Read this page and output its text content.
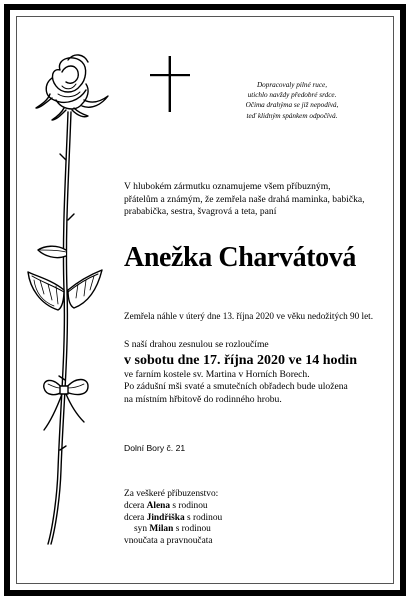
Dopracovaly pilné ruce,
utichlo navždy předobré srdce.
Očima drahýma se již nepodívá,
teď klidným spánkem odpočívá.
V hlubokém zármutku oznamujeme všem příbuzným,
přátelům a známým, že zemřela naše drahá maminka, babička,
prababička, sestra, švagrová a teta, paní
Anežka Charvátová
Zemřela náhle v úterý dne 13. října 2020 ve věku nedožitých 90 let.
S naší drahou zesnulou se rozloučíme
v sobotu dne 17. října 2020 ve 14 hodin
ve farním kostele sv. Martina v Horních Borech.
Po zádušní mši svaté a smutečních obřadech bude uložena
na místním hřbitově do rodinného hrobu.
Dolní Bory č. 21
Za veškeré příbuzenstvo:
dcera Alena s rodinou
dcera Jindřiška s rodinou
syn Milan s rodinou
vnoučata a pravnoučata
